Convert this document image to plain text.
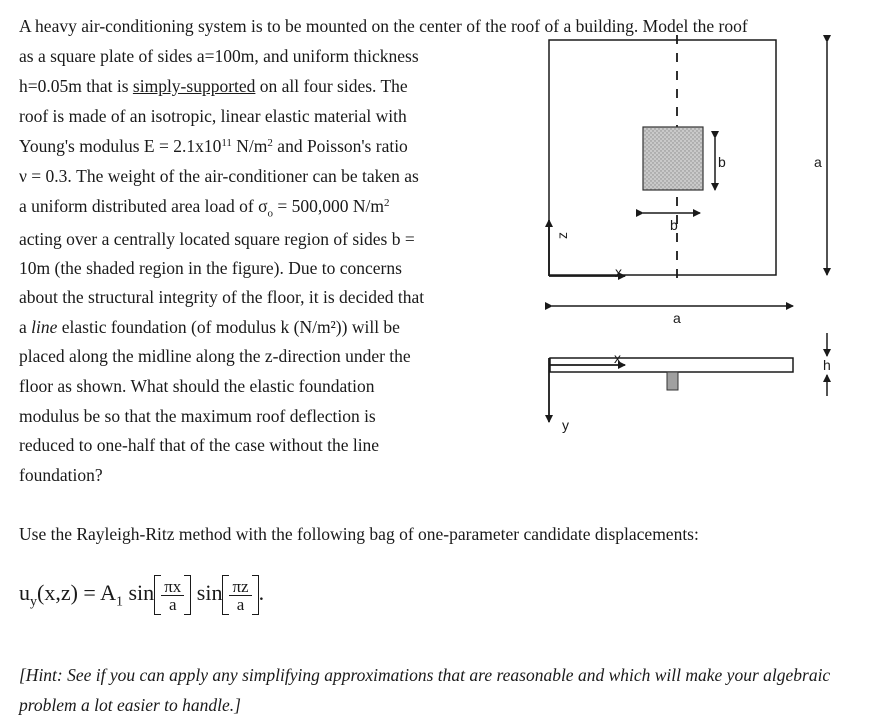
A heavy air-conditioning system is to be mounted on the center of the roof of a building. Model the roof
as a square plate of sides a=100m, and uniform thickness
h=0.05m that is simply-supported on all four sides. The
roof is made of an isotropic, linear elastic material with
Young's modulus $E = 2.1x10^{11}$ $N/m^2$ and Poisson's ratio
ν = 0.3. The weight of the air-conditioner can be taken as
a uniform distributed area load of $\sigma_o = 500,000$ $N/m^2$
acting over a centrally located square region of sides b =
10m (the shaded region in the figure). Due to concerns
about the structural integrity of the floor, it is decided that
a line elastic foundation (of modulus k (N/m²)) will be
placed along the midline along the z-direction under the
floor as shown. What should the elastic foundation
modulus be so that the maximum roof deflection is
reduced to one-half that of the case without the line
foundation?
b
b
a
z
x
a
x
y
h
Use the Rayleigh-Ritz method with the following bag of one-parameter candidate displacements:
$u_y(x,z) = A_1$ $\sin \frac{\pi x}{a}$ $\sin \frac{\pi z}{a}$ .
[Hint: See if you can apply any simplifying approximations that are reasonable and which will make your algebraic problem a lot easier to handle.]
